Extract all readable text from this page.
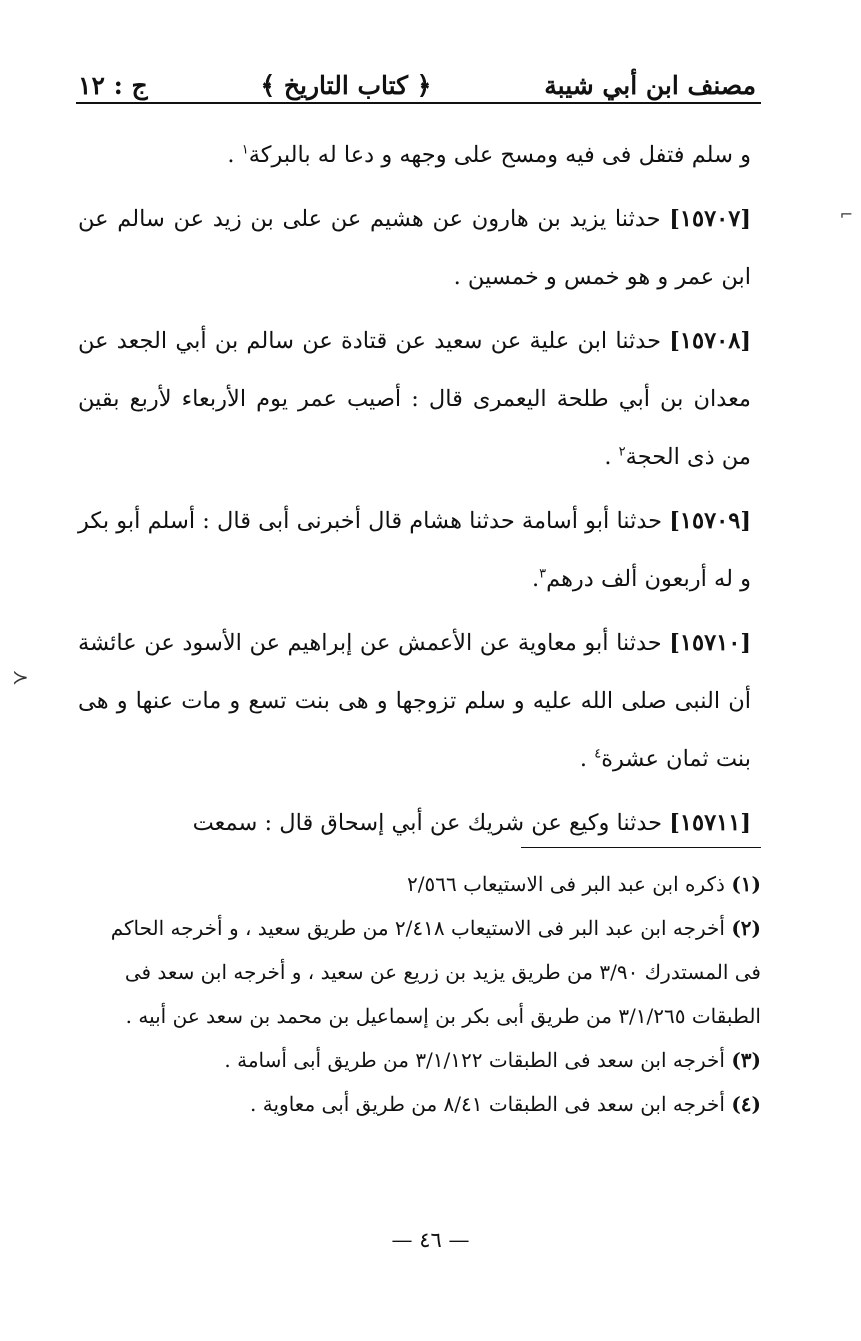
مصنف ابن أبي شيبة
﴿ كتاب التاريخ ﴾
ج : ١٢

و سلم فتفل فى فيه ومسح على وجهه و دعا له بالبركة$^١$ .

[١٥٧٠٧] حدثنا يزيد بن هارون عن هشيم عن على بن زيد عن سالم عن ابن عمر و هو خمس و خمسين .

[١٥٧٠٨] حدثنا ابن علية عن سعيد عن قتادة عن سالم بن أبي الجعد عن معدان بن أبي طلحة اليعمرى قال : أصيب عمر يوم الأربعاء لأربع بقين من ذى الحجة$^٢$ .

[١٥٧٠٩] حدثنا أبو أسامة حدثنا هشام قال أخبرنى أبى قال : أسلم أبو بكر و له أربعون ألف درهم$^٣$.

[١٥٧١٠] حدثنا أبو معاوية عن الأعمش عن إبراهيم عن الأسود عن عائشة أن النبى صلى الله عليه و سلم تزوجها و هى بنت تسع و مات عنها و هى بنت ثمان عشرة$^٤$ .

[١٥٧١١] حدثنا وكيع عن شريك عن أبي إسحاق قال : سمعت

(١) ذكره ابن عبد البر فى الاستيعاب ٢/٥٦٦

(٢) أخرجه ابن عبد البر فى الاستيعاب ٢/٤١٨ من طريق سعيد ، و أخرجه الحاكم فى المستدرك ٣/٩٠ من طريق يزيد بن زريع عن سعيد ، و أخرجه ابن سعد فى الطبقات ٣/١/٢٦٥ من طريق أبى بكر بن إسماعيل بن محمد بن سعد عن أبيه .

(٣) أخرجه ابن سعد فى الطبقات ٣/١/١٢٢ من طريق أبى أسامة .

(٤) أخرجه ابن سعد فى الطبقات ٨/٤١ من طريق أبى معاوية .

— ٤٦ —
⌐
≻
